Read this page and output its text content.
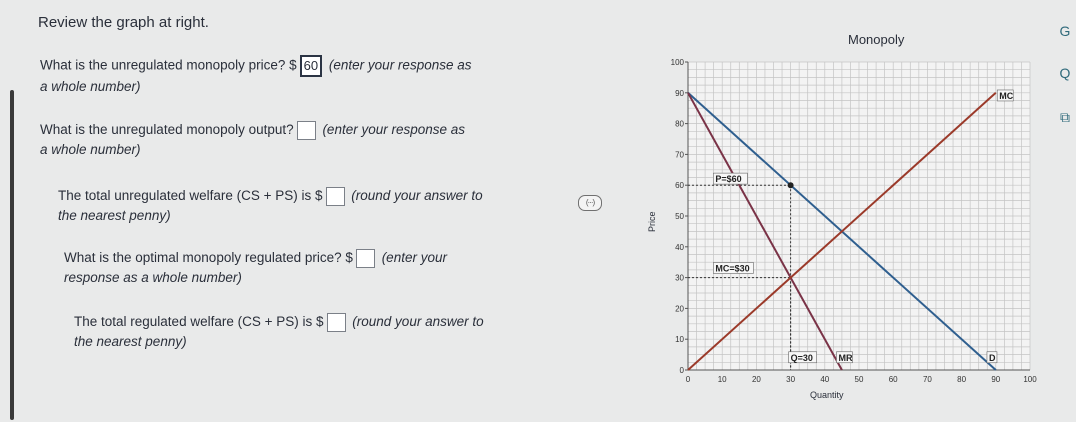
Review the graph at right.
What is the unregulated monopoly price? $ 60 (enter your response as
a whole number)
What is the unregulated monopoly output? (enter your response as
a whole number)
The total unregulated welfare (CS + PS) is $ (round your answer to
the nearest penny)
What is the optimal monopoly regulated price? $ (enter your
response as a whole number)
The total regulated welfare (CS + PS) is $ (round your answer to
the nearest penny)
(···)
0	10	20	30	40	50	60	70	80	90	100
0
10
20
30
40
50
60
70
80
90
100
D
MR
MC
P=$60
MC=$30
Q=30
Monopoly
Quantity
Price
G
Q
⧉
